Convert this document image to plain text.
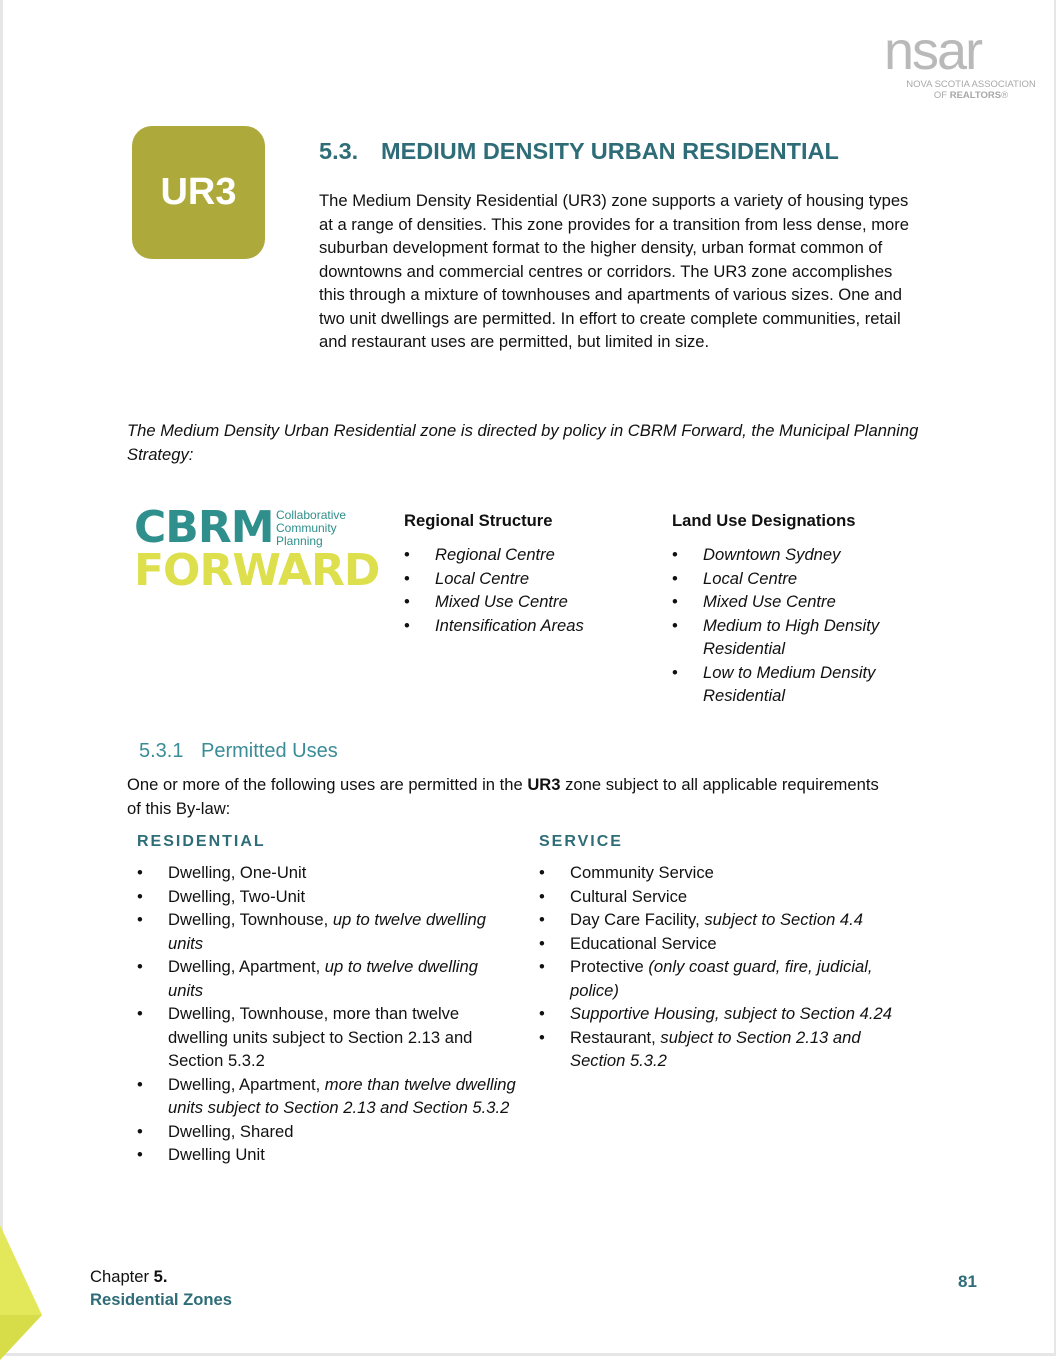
nsar
NOVA SCOTIA ASSOCIATION
OF REALTORS®
UR3
5.3. MEDIUM DENSITY URBAN RESIDENTIAL
The Medium Density Residential (UR3) zone supports a variety of housing types at a range of densities. This zone provides for a transition from less dense, more suburban development format to the higher density, urban format common of downtowns and commercial centres or corridors. The UR3 zone accomplishes this through a mixture of townhouses and apartments of various sizes. One and two unit dwellings are permitted. In effort to create complete communities, retail and restaurant uses are permitted, but limited in size.
The Medium Density Urban Residential zone is directed by policy in CBRM Forward, the Municipal Planning Strategy:
CBRM Collaborative
Community
Planning
FORWARD
Regional Structure
• Regional Centre
• Local Centre
• Mixed Use Centre
• Intensification Areas
Land Use Designations
• Downtown Sydney
• Local Centre
• Mixed Use Centre
• Medium to High Density Residential
• Low to Medium Density Residential
5.3.1 Permitted Uses
One or more of the following uses are permitted in the UR3 zone subject to all applicable requirements of this By-law:
RESIDENTIAL
• Dwelling, One-Unit
• Dwelling, Two-Unit
• Dwelling, Townhouse, up to twelve dwelling units
• Dwelling, Apartment, up to twelve dwelling units
• Dwelling, Townhouse, more than twelve dwelling units subject to Section 2.13 and Section 5.3.2
• Dwelling, Apartment, more than twelve dwelling units subject to Section 2.13 and Section 5.3.2
• Dwelling, Shared
• Dwelling Unit
SERVICE
• Community Service
• Cultural Service
• Day Care Facility, subject to Section 4.4
• Educational Service
• Protective (only coast guard, fire, judicial, police)
• Supportive Housing, subject to Section 4.24
• Restaurant, subject to Section 2.13 and Section 5.3.2
Chapter 5.
Residential Zones
81
